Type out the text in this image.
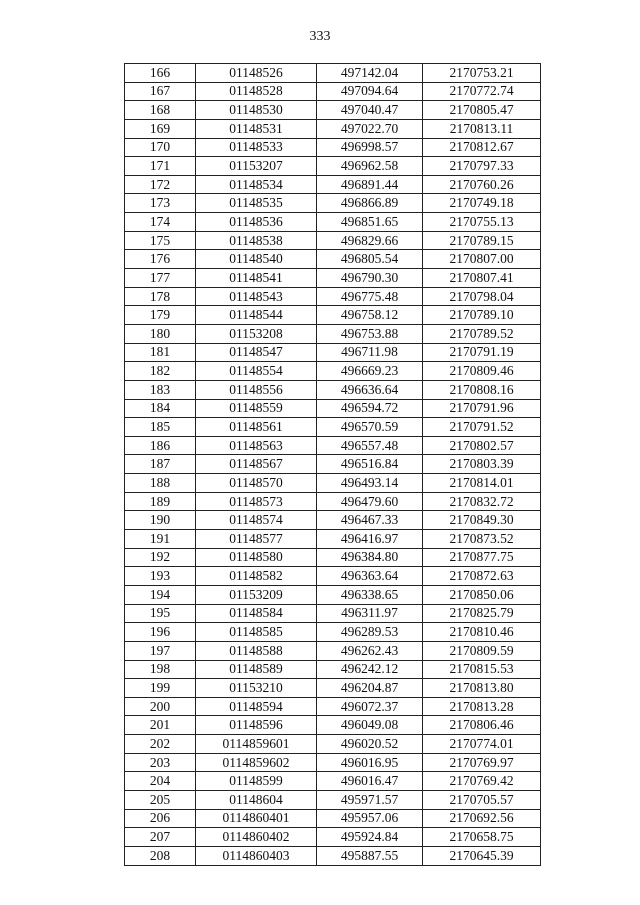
333
166	01148526	497142.04	2170753.21
167	01148528	497094.64	2170772.74
168	01148530	497040.47	2170805.47
169	01148531	497022.70	2170813.11
170	01148533	496998.57	2170812.67
171	01153207	496962.58	2170797.33
172	01148534	496891.44	2170760.26
173	01148535	496866.89	2170749.18
174	01148536	496851.65	2170755.13
175	01148538	496829.66	2170789.15
176	01148540	496805.54	2170807.00
177	01148541	496790.30	2170807.41
178	01148543	496775.48	2170798.04
179	01148544	496758.12	2170789.10
180	01153208	496753.88	2170789.52
181	01148547	496711.98	2170791.19
182	01148554	496669.23	2170809.46
183	01148556	496636.64	2170808.16
184	01148559	496594.72	2170791.96
185	01148561	496570.59	2170791.52
186	01148563	496557.48	2170802.57
187	01148567	496516.84	2170803.39
188	01148570	496493.14	2170814.01
189	01148573	496479.60	2170832.72
190	01148574	496467.33	2170849.30
191	01148577	496416.97	2170873.52
192	01148580	496384.80	2170877.75
193	01148582	496363.64	2170872.63
194	01153209	496338.65	2170850.06
195	01148584	496311.97	2170825.79
196	01148585	496289.53	2170810.46
197	01148588	496262.43	2170809.59
198	01148589	496242.12	2170815.53
199	01153210	496204.87	2170813.80
200	01148594	496072.37	2170813.28
201	01148596	496049.08	2170806.46
202	0114859601	496020.52	2170774.01
203	0114859602	496016.95	2170769.97
204	01148599	496016.47	2170769.42
205	01148604	495971.57	2170705.57
206	0114860401	495957.06	2170692.56
207	0114860402	495924.84	2170658.75
208	0114860403	495887.55	2170645.39
